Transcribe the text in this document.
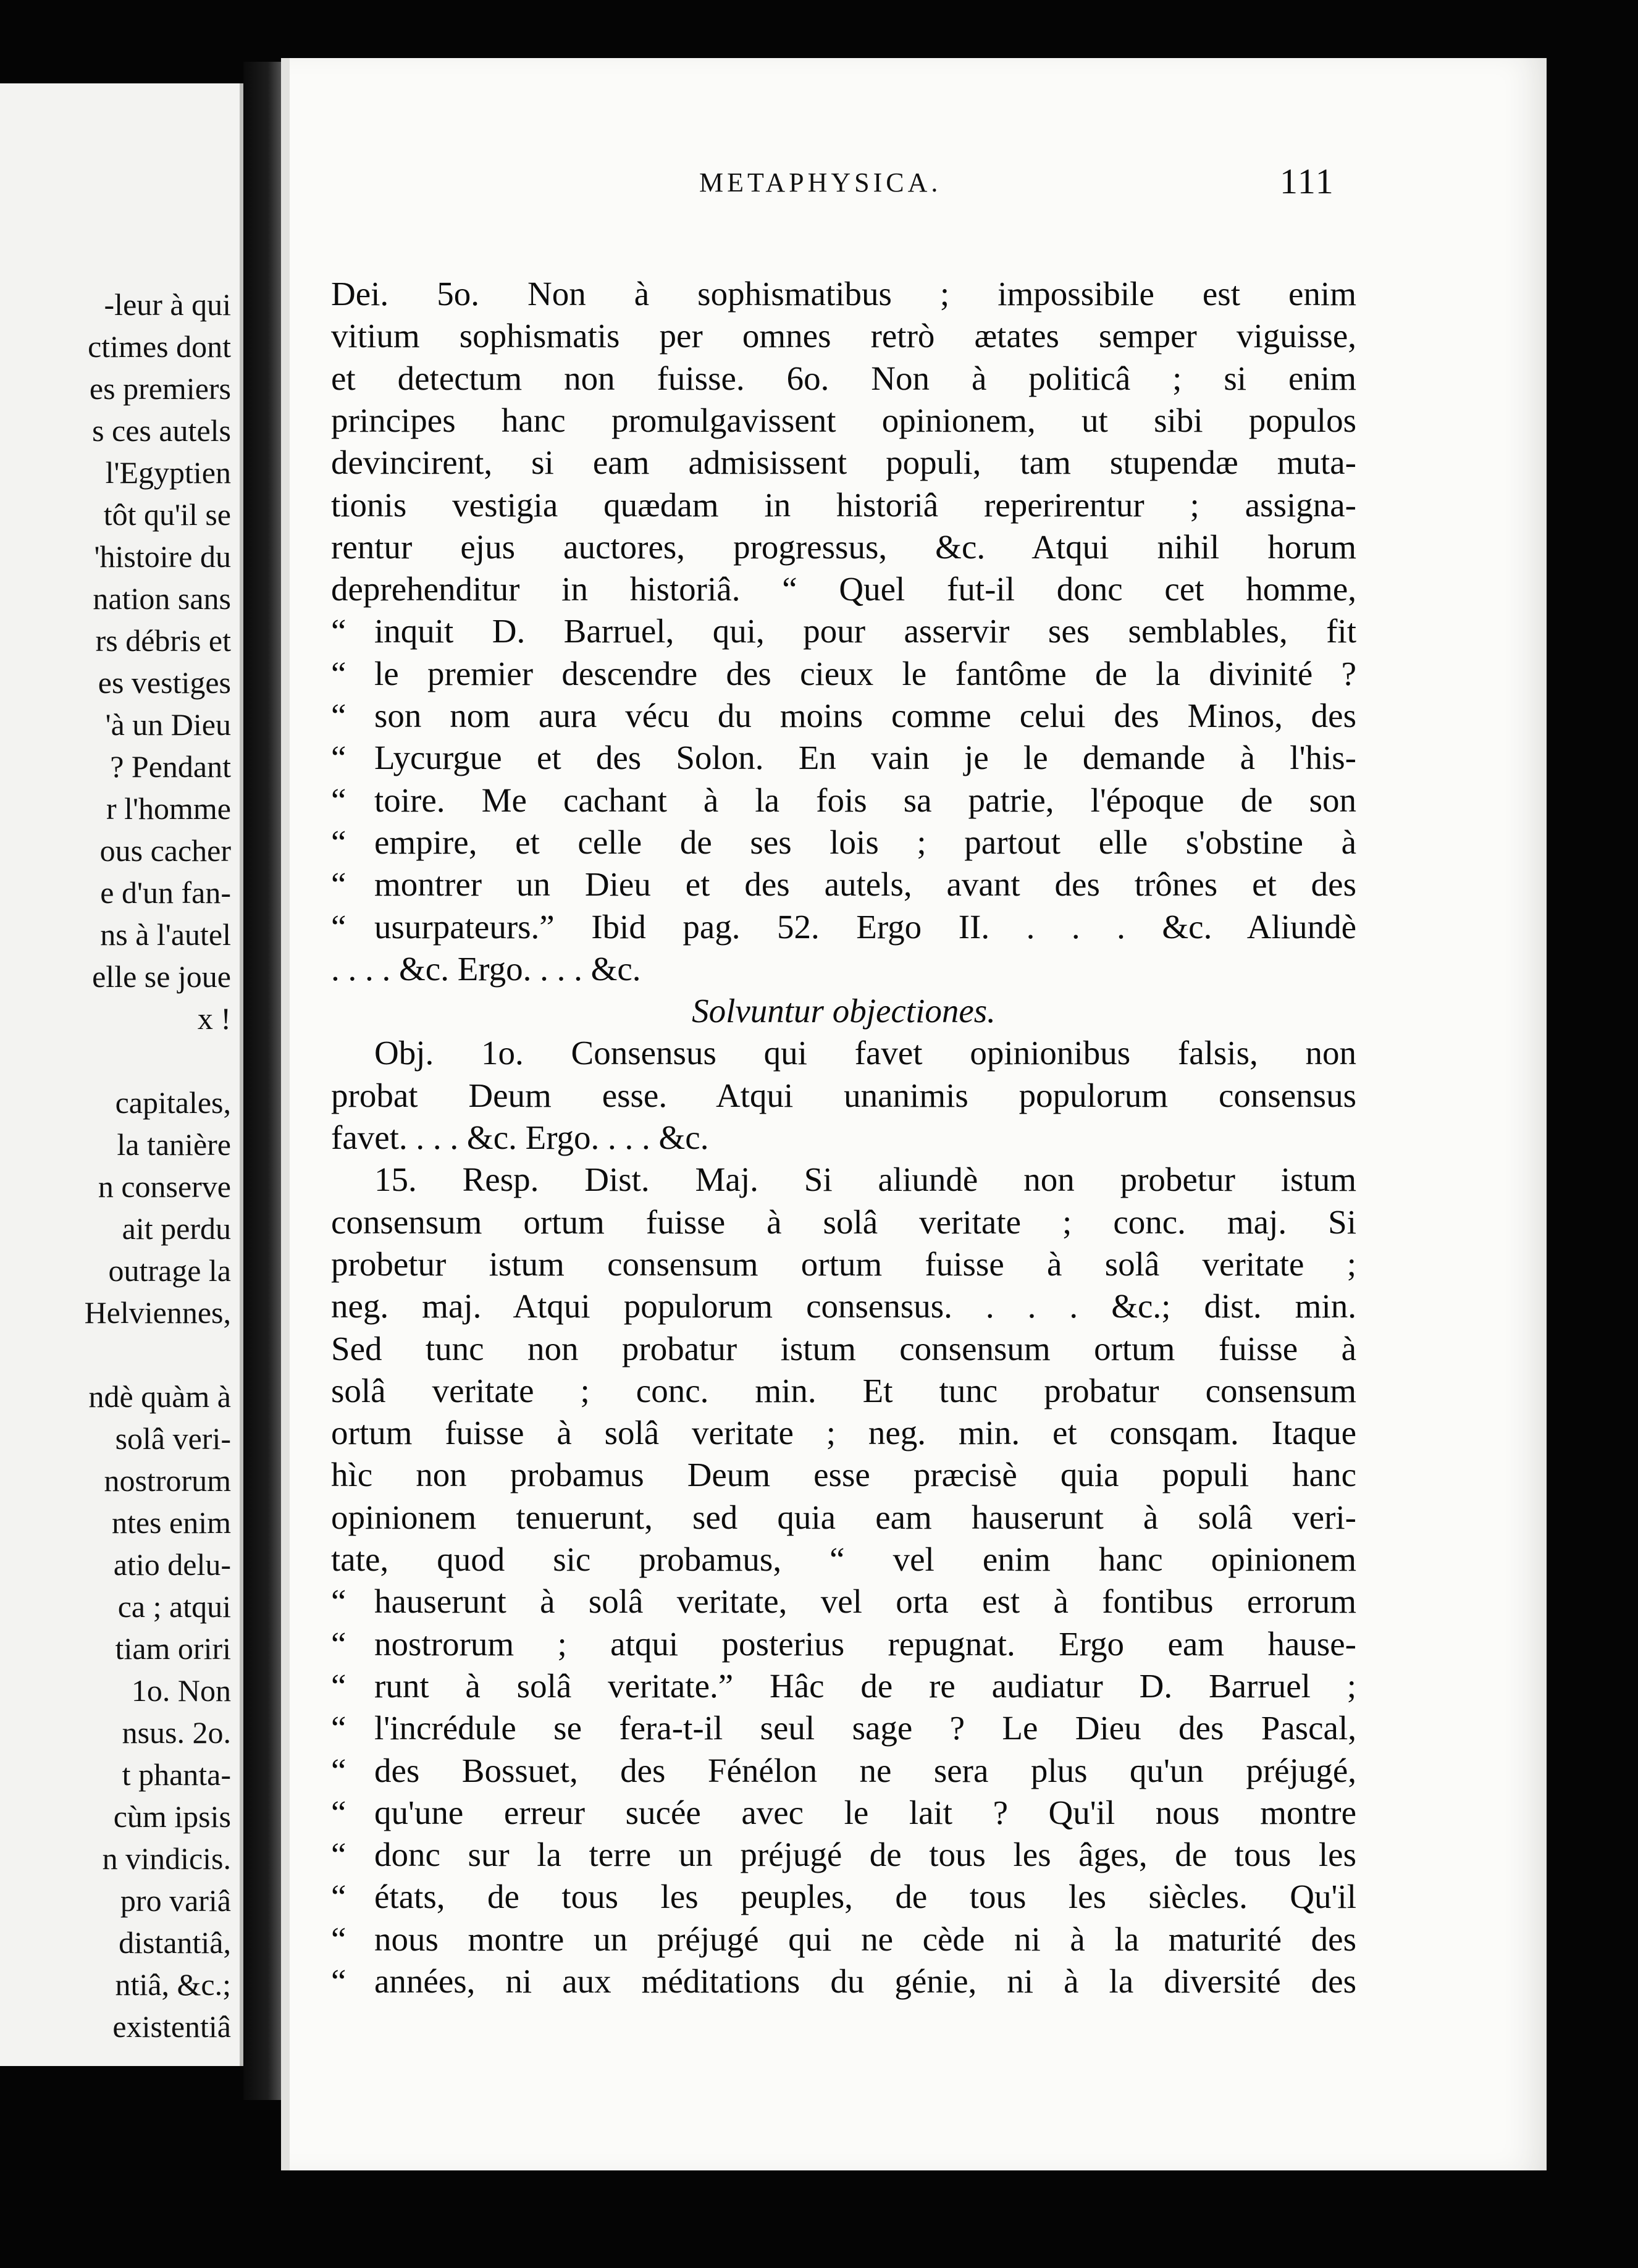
-leur à qui
ctimes dont
es premiers
s ces autels
l'Egyptien
tôt qu'il se
'histoire du
nation sans
rs débris et
es vestiges
'à un Dieu
? Pendant
r l'homme
ous cacher
e d'un fan-
ns à l'autel
elle se joue
x !
capitales,
la tanière
n conserve
ait perdu
outrage la
Helviennes,
ndè quàm à
solâ veri-
nostrorum
ntes enim
atio delu-
ca ; atqui
tiam oriri
1o. Non
nsus. 2o.
t phanta-
cùm ipsis
n vindicis.
pro variâ
distantiâ,
ntiâ, &c.;
existentiâ
METAPHYSICA.	111
Dei. 5o. Non à sophismatibus ; impossibile est enim
vitium sophismatis per omnes retrò ætates semper viguisse,
et detectum non fuisse. 6o. Non à politicâ ; si enim
principes hanc promulgavissent opinionem, ut sibi populos
devincirent, si eam admisissent populi, tam stupendæ muta-
tionis vestigia quædam in historiâ reperirentur ; assigna-
rentur ejus auctores, progressus, &c. Atqui nihil horum
deprehenditur in historiâ. “ Quel fut-il donc cet homme,
“ inquit D. Barruel, qui, pour asservir ses semblables, fit
“ le premier descendre des cieux le fantôme de la divinité ?
“ son nom aura vécu du moins comme celui des Minos, des
“ Lycurgue et des Solon. En vain je le demande à l'his-
“ toire. Me cachant à la fois sa patrie, l'époque de son
“ empire, et celle de ses lois ; partout elle s'obstine à
“ montrer un Dieu et des autels, avant des trônes et des
“ usurpateurs.” Ibid pag. 52. Ergo II. . . . &c. Aliundè
. . . . &c. Ergo. . . . &c.
Solvuntur objectiones.
Obj. 1o. Consensus qui favet opinionibus falsis, non
probat Deum esse. Atqui unanimis populorum consensus
favet. . . . &c. Ergo. . . . &c.
15. Resp. Dist. Maj. Si aliundè non probetur istum
consensum ortum fuisse à solâ veritate ; conc. maj. Si
probetur istum consensum ortum fuisse à solâ veritate ;
neg. maj. Atqui populorum consensus. . . . &c.; dist. min.
Sed tunc non probatur istum consensum ortum fuisse à
solâ veritate ; conc. min. Et tunc probatur consensum
ortum fuisse à solâ veritate ; neg. min. et consqam. Itaque
hìc non probamus Deum esse præcisè quia populi hanc
opinionem tenuerunt, sed quia eam hauserunt à solâ veri-
tate, quod sic probamus, “ vel enim hanc opinionem
“ hauserunt à solâ veritate, vel orta est à fontibus errorum
“ nostrorum ; atqui posterius repugnat. Ergo eam hause-
“ runt à solâ veritate.” Hâc de re audiatur D. Barruel ;
“ l'incrédule se fera-t-il seul sage ? Le Dieu des Pascal,
“ des Bossuet, des Fénélon ne sera plus qu'un préjugé,
“ qu'une erreur sucée avec le lait ? Qu'il nous montre
“ donc sur la terre un préjugé de tous les âges, de tous les
“ états, de tous les peuples, de tous les siècles. Qu'il
“ nous montre un préjugé qui ne cède ni à la maturité des
“ années, ni aux méditations du génie, ni à la diversité des
